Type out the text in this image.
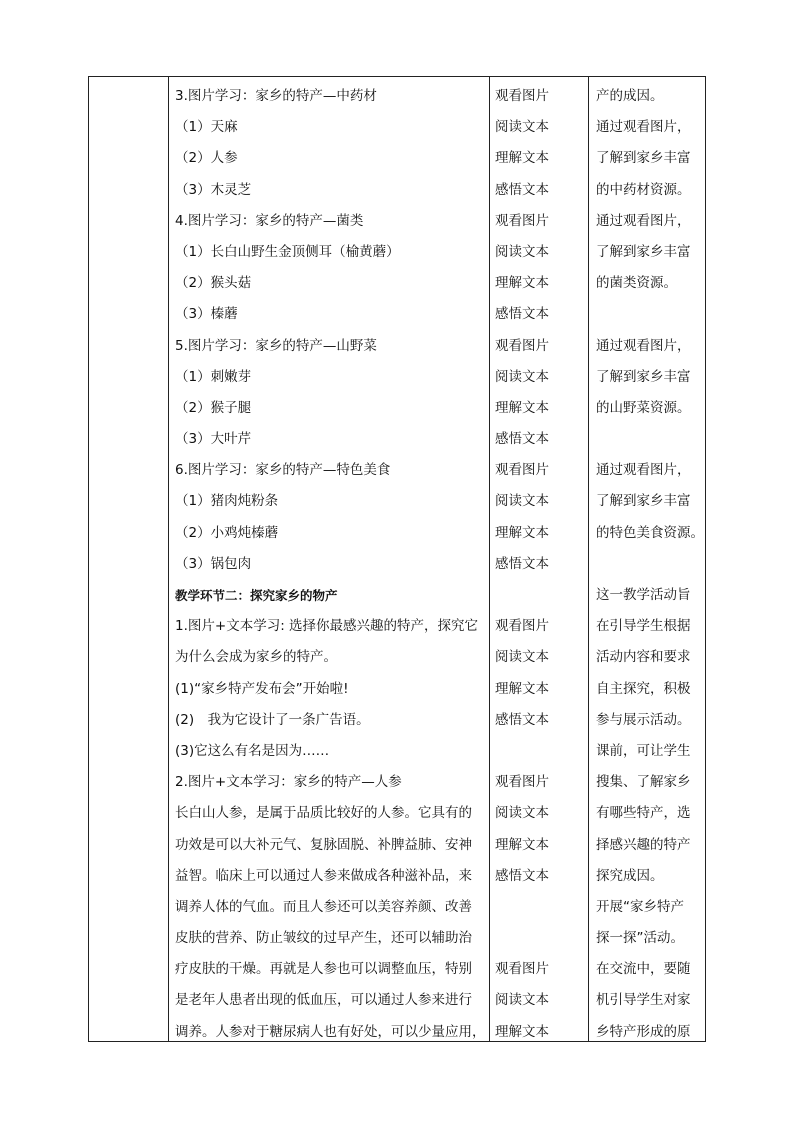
3.图片学习：家乡的特产—中药材
（1）天麻
（2）人参
（3）木灵芝
4.图片学习：家乡的特产—菌类
（1）长白山野生金顶侧耳（榆黄蘑）
（2）猴头菇
（3）榛蘑
5.图片学习：家乡的特产—山野菜
（1）刺嫩芽
（2）猴子腿
（3）大叶芹
6.图片学习：家乡的特产—特色美食
（1）猪肉炖粉条
（2）小鸡炖榛蘑
（3）锅包肉
教学环节二：探究家乡的物产
1.图片+文本学习: 选择你最感兴趣的特产，探究它
为什么会成为家乡的特产。
(1)“家乡特产发布会”开始啦!
(2)　我为它设计了一条广告语。
(3)它这么有名是因为……
2.图片+文本学习：家乡的特产—人参
长白山人参，是属于品质比较好的人参。它具有的
功效是可以大补元气、复脉固脱、补脾益肺、安神
益智。临床上可以通过人参来做成各种滋补品，来
调养人体的气血。而且人参还可以美容养颜、改善
皮肤的营养、防止皱纹的过早产生，还可以辅助治
疗皮肤的干燥。再就是人参也可以调整血压，特别
是老年人患者出现的低血压，可以通过人参来进行
调养。人参对于糖尿病人也有好处，可以少量应用，
观看图片
阅读文本
理解文本
感悟文本
观看图片
阅读文本
理解文本
感悟文本
观看图片
阅读文本
理解文本
感悟文本
观看图片
阅读文本
理解文本
感悟文本
观看图片
阅读文本
理解文本
感悟文本
观看图片
阅读文本
理解文本
感悟文本
观看图片
阅读文本
理解文本
产的成因。
通过观看图片，
了解到家乡丰富
的中药材资源。
通过观看图片，
了解到家乡丰富
的菌类资源。
通过观看图片，
了解到家乡丰富
的山野菜资源。
通过观看图片，
了解到家乡丰富
的特色美食资源。
这一教学活动旨
在引导学生根据
活动内容和要求
自主探究，积极
参与展示活动。
课前，可让学生
搜集、了解家乡
有哪些特产，选
择感兴趣的特产
探究成因。
开展“家乡特产
探一探”活动。
在交流中，要随
机引导学生对家
乡特产形成的原
